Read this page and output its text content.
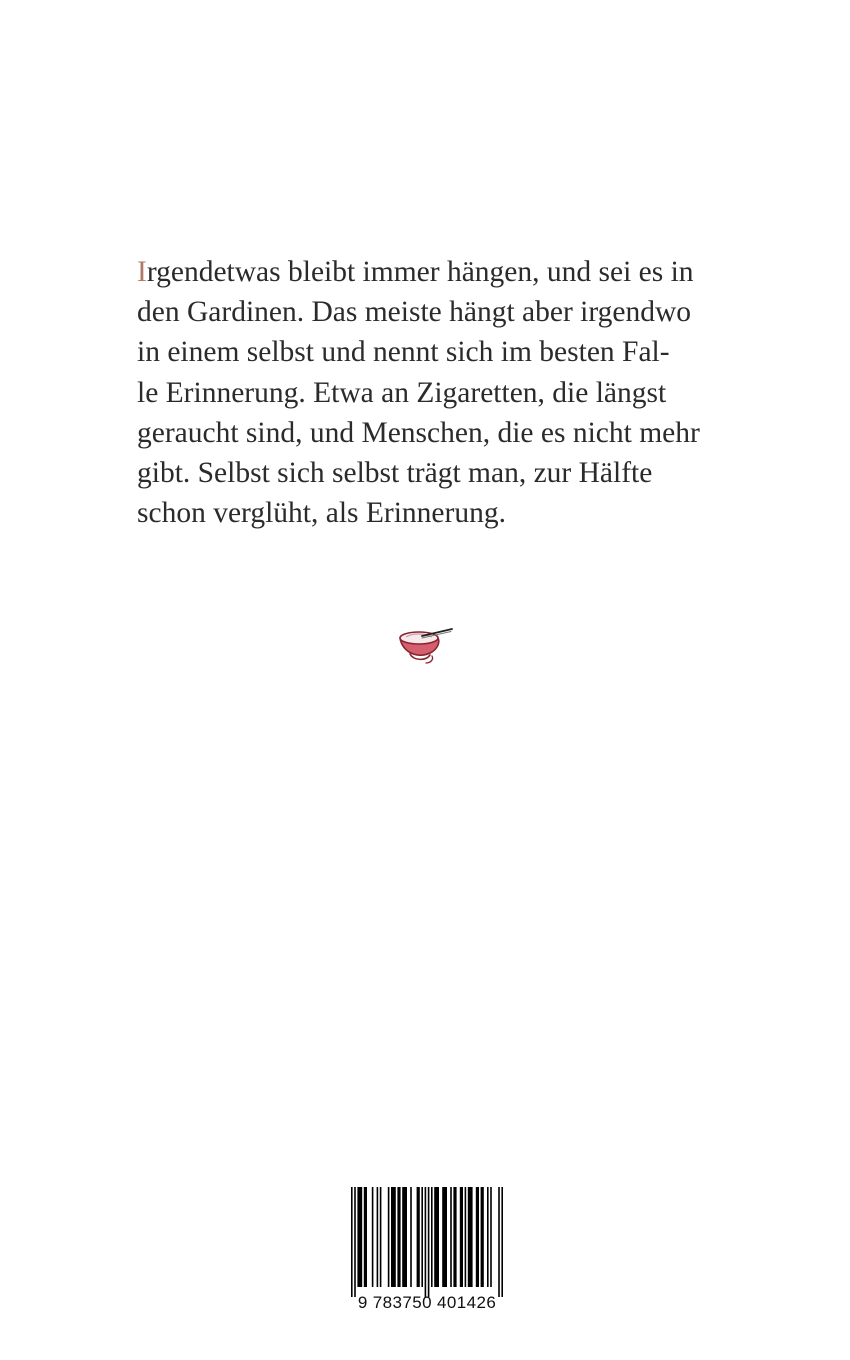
Irgendetwas bleibt immer hängen, und sei es in
den Gardinen. Das meiste hängt aber irgendwo
in einem selbst und nennt sich im besten Fal-
le Erinnerung. Etwa an Zigaretten, die längst
geraucht sind, und Menschen, die es nicht mehr
gibt. Selbst sich selbst trägt man, zur Hälfte
schon verglüht, als Erinnerung.

9 783750 401426
